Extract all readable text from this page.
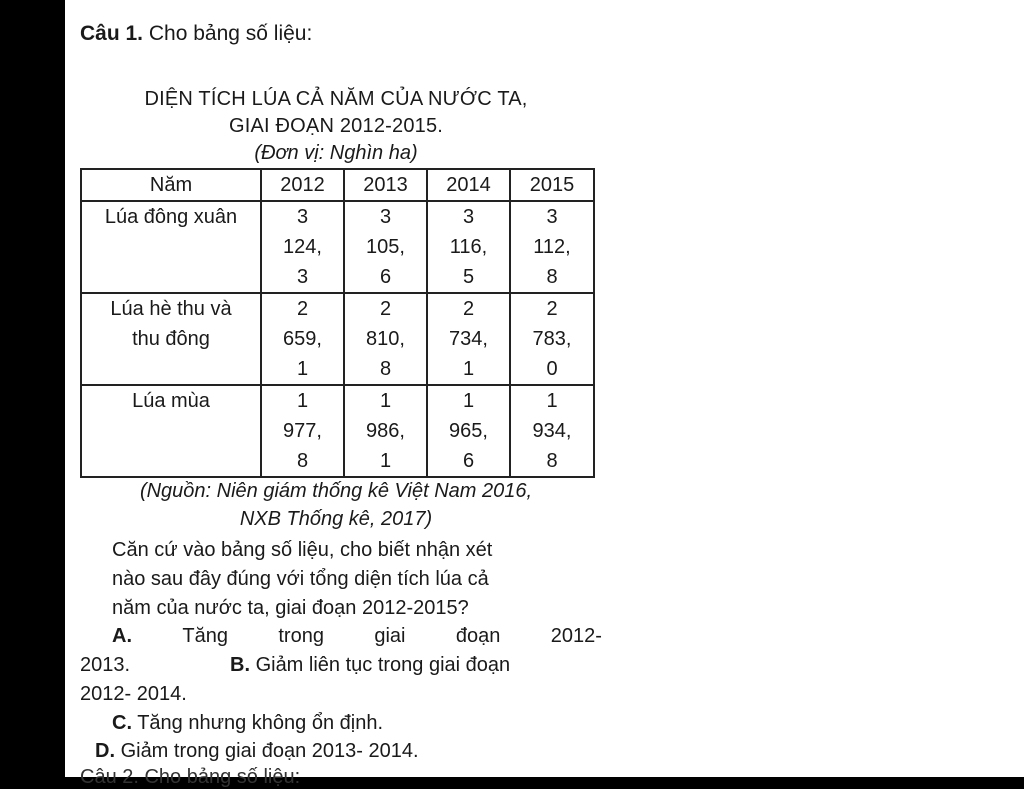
Câu 1. Cho bảng số liệu:
DIỆN TÍCH LÚA CẢ NĂM CỦA NƯỚC TA,
GIAI ĐOẠN 2012-2015.
(Đơn vị: Nghìn ha)
Năm	2012	2013	2014	2015

Lúa đông xuân	3
124,
3	3
105,
6	3
116,
5	3
112,
8

Lúa hè thu và
thu đông	2
659,
1	2
810,
8	2
734,
1	2
783,
0

Lúa mùa	1
977,
8	1
986,
1	1
965,
6	1
934,
8
(Nguồn: Niên giám thống kê Việt Nam 2016,
NXB Thống kê, 2017)
Căn cứ vào bảng số liệu, cho biết nhận xét
nào sau đây đúng với tổng diện tích lúa cả
năm của nước ta, giai đoạn 2012-2015?
A.	Tăng	trong	giai	đoạn	2012-
2013.	B. Giảm liên tục trong giai đoạn
2012- 2014.
C. Tăng nhưng không ổn định.
D. Giảm trong giai đoạn 2013- 2014.
Câu 2. Cho bảng số liệu:
